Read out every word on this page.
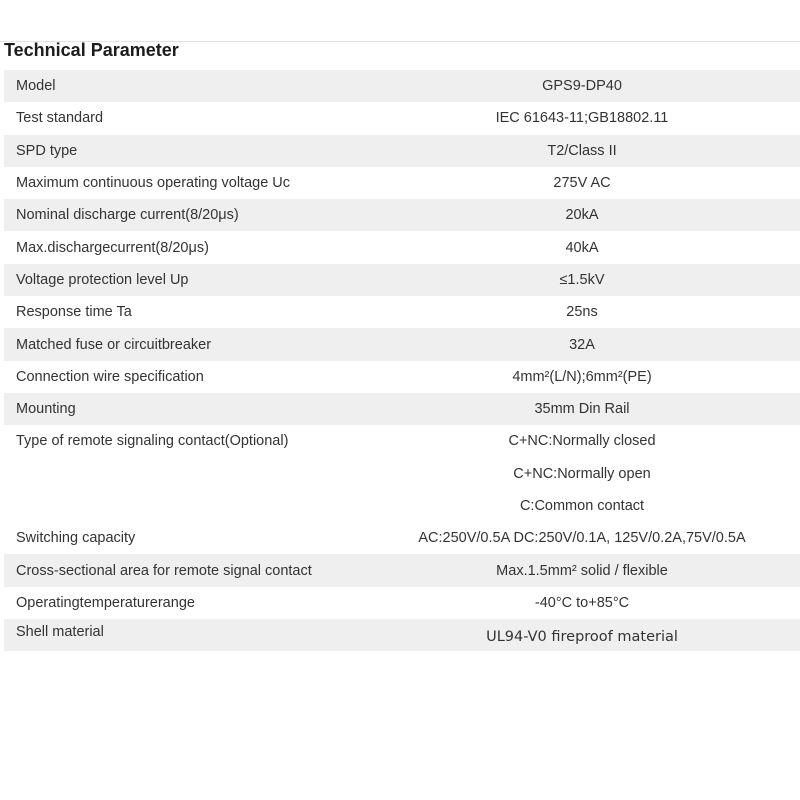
Technical Parameter
Model	GPS9-DP40
Test standard	IEC 61643-11;GB18802.11
SPD type	T2/Class II
Maximum continuous operating voltage Uc	275V AC
Nominal discharge current(8/20μs)	20kA
Max.dischargecurrent(8/20μs)	40kA
Voltage protection level Up	≤1.5kV
Response time Ta	25ns
Matched fuse or circuitbreaker	32A
Connection wire specification	4mm²(L/N);6mm²(PE)
Mounting	35mm Din Rail
Type of remote signaling contact(Optional)	C+NC:Normally closed
C+NC:Normally open
C:Common contact
Switching capacity	AC:250V/0.5A DC:250V/0.1A, 125V/0.2A,75V/0.5A
Cross-sectional area for remote signal contact	Max.1.5mm² solid / flexible
Operatingtemperaturerange	-40°C to+85°C
Shell material	UL94-V0 fireproof material
